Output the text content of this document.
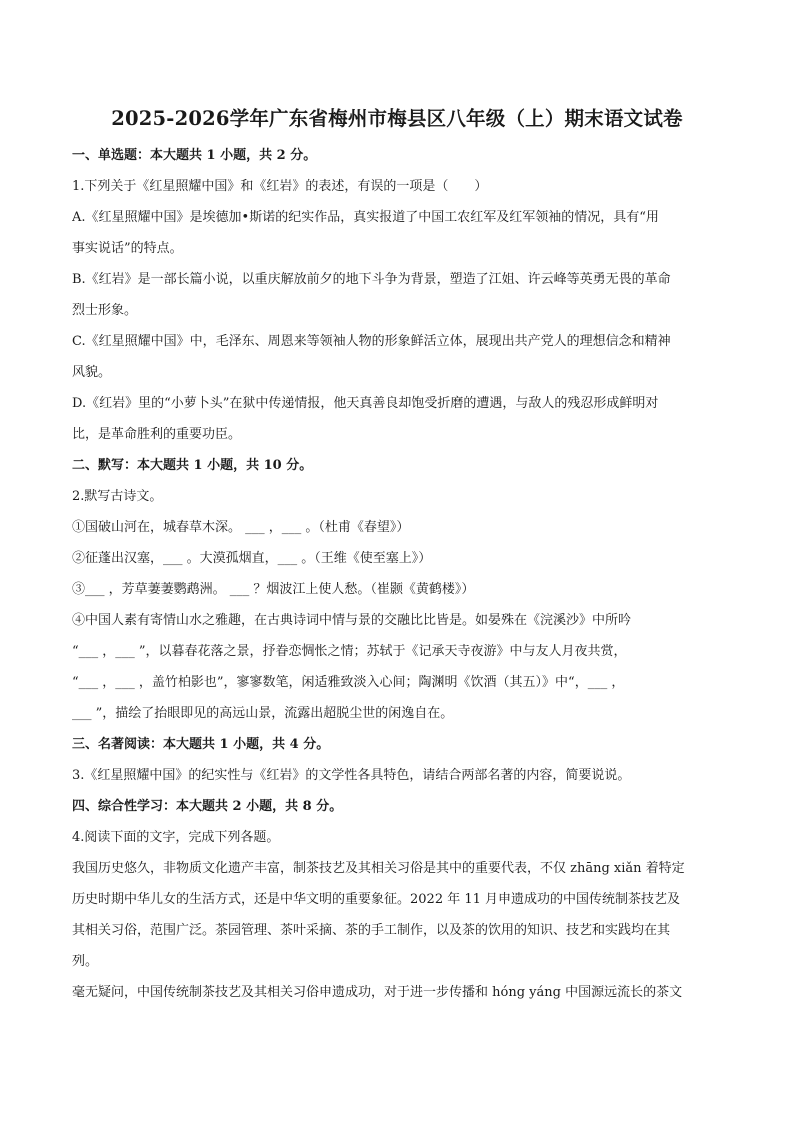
2025-2026学年广东省梅州市梅县区八年级（上）期末语文试卷
一、单选题：本大题共 1 小题，共 2 分。
1.下列关于《红星照耀中国》和《红岩》的表述，有误的一项是（　　）
A.《红星照耀中国》是埃德加•斯诺的纪实作品，真实报道了中国工农红军及红军领袖的情况，具有“用
事实说话”的特点。
B.《红岩》是一部长篇小说，以重庆解放前夕的地下斗争为背景，塑造了江姐、许云峰等英勇无畏的革命
烈士形象。
C.《红星照耀中国》中，毛泽东、周恩来等领袖人物的形象鲜活立体，展现出共产党人的理想信念和精神
风貌。
D.《红岩》里的“小萝卜头”在狱中传递情报，他天真善良却饱受折磨的遭遇，与敌人的残忍形成鲜明对
比，是革命胜利的重要功臣。
二、默写：本大题共 1 小题，共 10 分。
2.默写古诗文。
①国破山河在，城春草木深。 ___ ，___ 。（杜甫《春望》）
②征蓬出汉塞，___ 。大漠孤烟直，___ 。（王维《使至塞上》）
③___ ，芳草萋萋鹦鹉洲。 ___ ？烟波江上使人愁。（崔颢《黄鹤楼》）
④中国人素有寄情山水之雅趣，在古典诗词中情与景的交融比比皆是。如晏殊在《浣溪沙》中所吟
“___ ，___ ”，以暮春花落之景，抒眷恋惆怅之情；苏轼于《记承天寺夜游》中与友人月夜共赏，
“___ ，___ ，盖竹柏影也”，寥寥数笔，闲适雅致淡入心间；陶渊明《饮酒（其五）》中“，___ ，
___ ”，描绘了抬眼即见的高远山景，流露出超脱尘世的闲逸自在。
三、名著阅读：本大题共 1 小题，共 4 分。
3.《红星照耀中国》的纪实性与《红岩》的文学性各具特色，请结合两部名著的内容，简要说说。
四、综合性学习：本大题共 2 小题，共 8 分。
4.阅读下面的文字，完成下列各题。
我国历史悠久，非物质文化遗产丰富，制茶技艺及其相关习俗是其中的重要代表，不仅 zhāng xiǎn 着特定
历史时期中华儿女的生活方式，还是中华文明的重要象征。2022 年 11 月申遗成功的中国传统制茶技艺及
其相关习俗，范围广泛。茶园管理、茶叶采摘、茶的手工制作，以及茶的饮用的知识、技艺和实践均在其
列。
毫无疑问，中国传统制茶技艺及其相关习俗申遗成功，对于进一步传播和 hóng yáng 中国源远流长的茶文
